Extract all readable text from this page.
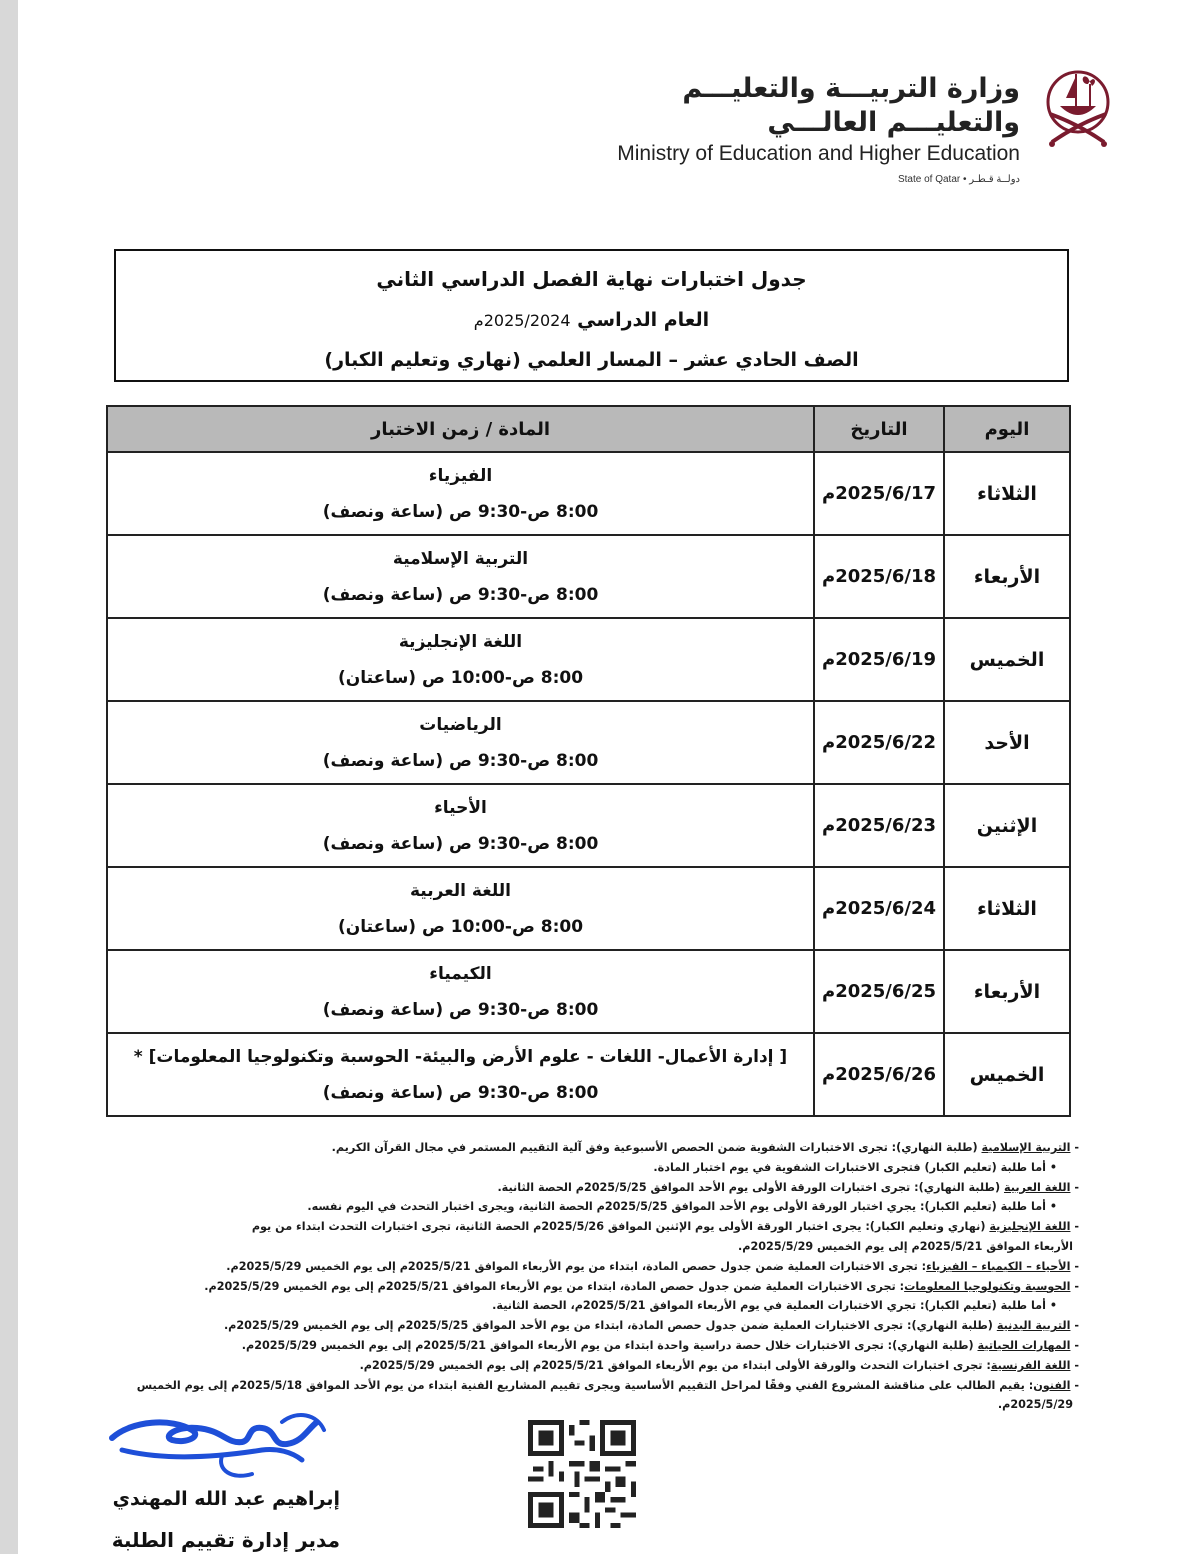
وزارة التربيـــة والتعليـــم والتعليـــم العالـــي
Ministry of Education and Higher Education
State of Qatar • دولــة قـطـر
جدول اختبارات نهاية الفصل الدراسي الثاني
العام الدراسي 2025/2024م
الصف الحادي عشر – المسار العلمي (نهاري وتعليم الكبار)
اليوم	التاريخ	المادة / زمن الاختبار
الثلاثاء	2025/6/17م	الفيزياء
8:00 ص-9:30 ص (ساعة ونصف)

الأربعاء	2025/6/18م	التربية الإسلامية
8:00 ص-9:30 ص (ساعة ونصف)

الخميس	2025/6/19م	اللغة الإنجليزية
8:00 ص-10:00 ص (ساعتان)

الأحد	2025/6/22م	الرياضيات
8:00 ص-9:30 ص (ساعة ونصف)

الإثنين	2025/6/23م	الأحياء
8:00 ص-9:30 ص (ساعة ونصف)

الثلاثاء	2025/6/24م	اللغة العربية
8:00 ص-10:00 ص (ساعتان)

الأربعاء	2025/6/25م	الكيمياء
8:00 ص-9:30 ص (ساعة ونصف)

الخميس	2025/6/26م	[ إدارة الأعمال- اللغات - علوم الأرض والبيئة- الحوسبة وتكنولوجيا المعلومات] *
8:00 ص-9:30 ص (ساعة ونصف)
- التربية الإسلامية (طلبة النهاري): تجرى الاختبارات الشفوية ضمن الحصص الأسبوعية وفق آلية التقييم المستمر في مجال القرآن الكريم.
• أما طلبة (تعليم الكبار) فتجرى الاختبارات الشفوية في يوم اختبار المادة.
- اللغة العربية (طلبة النهاري): تجرى اختبارات الورقة الأولى يوم الأحد الموافق 2025/5/25م الحصة الثانية.
• أما طلبة (تعليم الكبار): يجري اختبار الورقة الأولى يوم الأحد الموافق 2025/5/25م الحصة الثانية، ويجرى اختبار التحدث في اليوم نفسه.
- اللغة الإنجليزية (نهاري وتعليم الكبار): يجرى اختبار الورقة الأولى يوم الإثنين الموافق 2025/5/26م الحصة الثانية، تجرى اختبارات التحدث ابتداء من يوم
الأربعاء الموافق 2025/5/21م إلى يوم الخميس 2025/5/29م.
- الأحياء – الكيمياء – الفيزياء: تجرى الاختبارات العملية ضمن جدول حصص المادة، ابتداء من يوم الأربعاء الموافق 2025/5/21م إلى يوم الخميس 2025/5/29م.
- الحوسبة وتكنولوجيا المعلومات: تجرى الاختبارات العملية ضمن جدول حصص المادة، ابتداء من يوم الأربعاء الموافق 2025/5/21م إلى يوم الخميس 2025/5/29م.
• أما طلبة (تعليم الكبار): تجري الاختبارات العملية في يوم الأربعاء الموافق 2025/5/21م، الحصة الثانية.
- التربية البدنية (طلبة النهاري): تجرى الاختبارات العملية ضمن جدول حصص المادة، ابتداء من يوم الأحد الموافق 2025/5/25م إلى يوم الخميس 2025/5/29م.
- المهارات الحياتية (طلبة النهاري): تجرى الاختبارات خلال حصة دراسية واحدة ابتداء من يوم الأربعاء الموافق 2025/5/21م إلى يوم الخميس 2025/5/29م.
- اللغة الفرنسية: تجرى اختبارات التحدث والورقة الأولى ابتداء من يوم الأربعاء الموافق 2025/5/21م إلى يوم الخميس 2025/5/29م.
- الفنون: يقيم الطالب على مناقشة المشروع الفني وفقًا لمراحل التقييم الأساسية ويجرى تقييم المشاريع الفنية ابتداء من يوم الأحد الموافق 2025/5/18م إلى يوم الخميس
2025/5/29م.
إبراهيم عبد الله المهندي
مدير إدارة تقييم الطلبة
